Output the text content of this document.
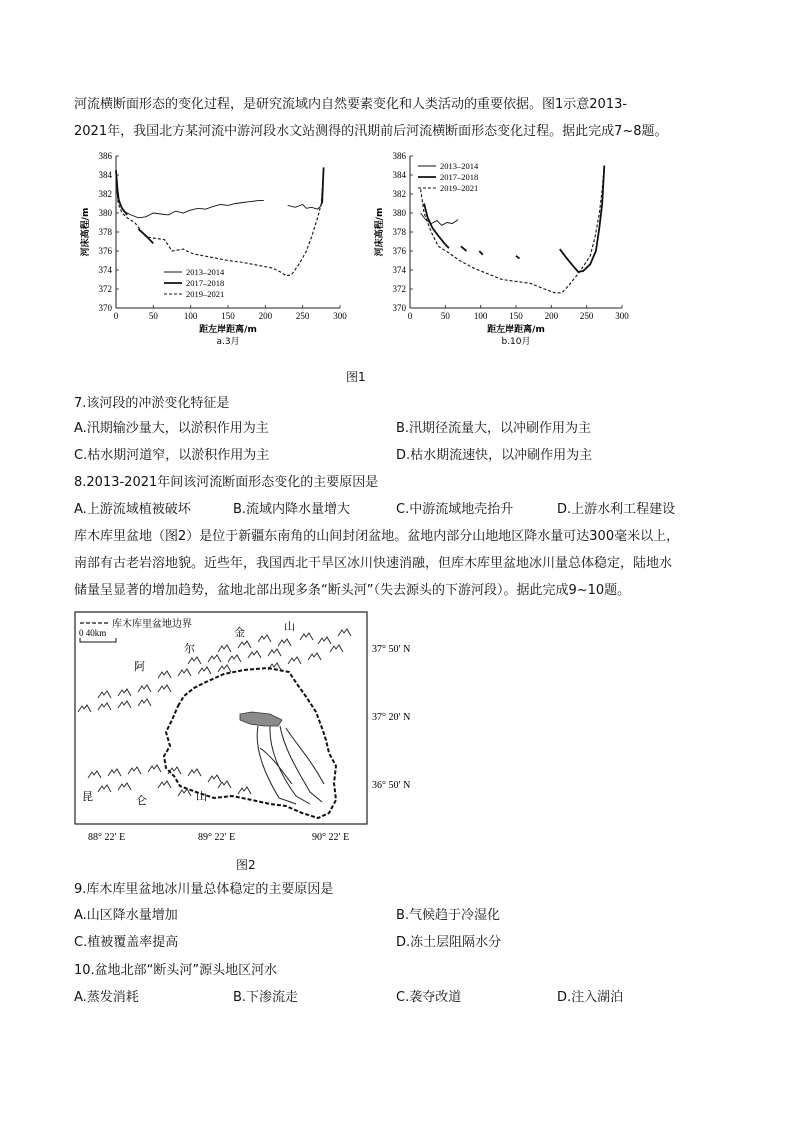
河流横断面形态的变化过程，是研究流域内自然要素变化和人类活动的重要依据。图1示意2013-
2021年，我国北方某河流中游河段水文站测得的汛期前后河流横断面形态变化过程。据此完成7~8题。
370
372
374
376
378
380
382
384
386
0	50	100	150	200	250	300
距左岸距离/m
河床高程/m
a.3月
2013–2014
2017–2018
2019–2021
370
372
374
376
378
380
382
384
386
0	50	100 150 200 250 300
距左岸距离/m
河床高程/m
b.10月
2013–2014
2017–2018
2019–2021
图1
7.该河段的冲淤变化特征是
A.汛期输沙量大，以淤积作用为主	B.汛期径流量大，以冲刷作用为主
C.枯水期河道窄，以淤积作用为主	D.枯水期流速快，以冲刷作用为主
8.2013-2021年间该河流断面形态变化的主要原因是
A.上游流域植被破坏	B.流域内降水量增大	C.中游流域地壳抬升	D.上游水利工程建设
库木库里盆地（图2）是位于新疆东南角的山间封闭盆地。盆地内部分山地地区降水量可达300毫米以上，
南部有古老岩溶地貌。近些年，我国西北干旱区冰川快速消融，但库木库里盆地冰川量总体稳定，陆地水
储量呈显著的增加趋势，盆地北部出现多条“断头河”（失去源头的下游河段）。据此完成9~10题。
库木库里盆地边界
0 40km
阿
尔
金	山
昆	仑	山
37° 50′ N
37° 20′ N
36° 50′ N
88° 22′ E	89° 22′ E	90° 22′ E
图2
9.库木库里盆地冰川量总体稳定的主要原因是
A.山区降水量增加	B.气候趋于冷湿化
C.植被覆盖率提高	D.冻土层阻隔水分
10.盆地北部“断头河”源头地区河水
A.蒸发消耗	B.下渗流走	C.袭夺改道	D.注入湖泊
